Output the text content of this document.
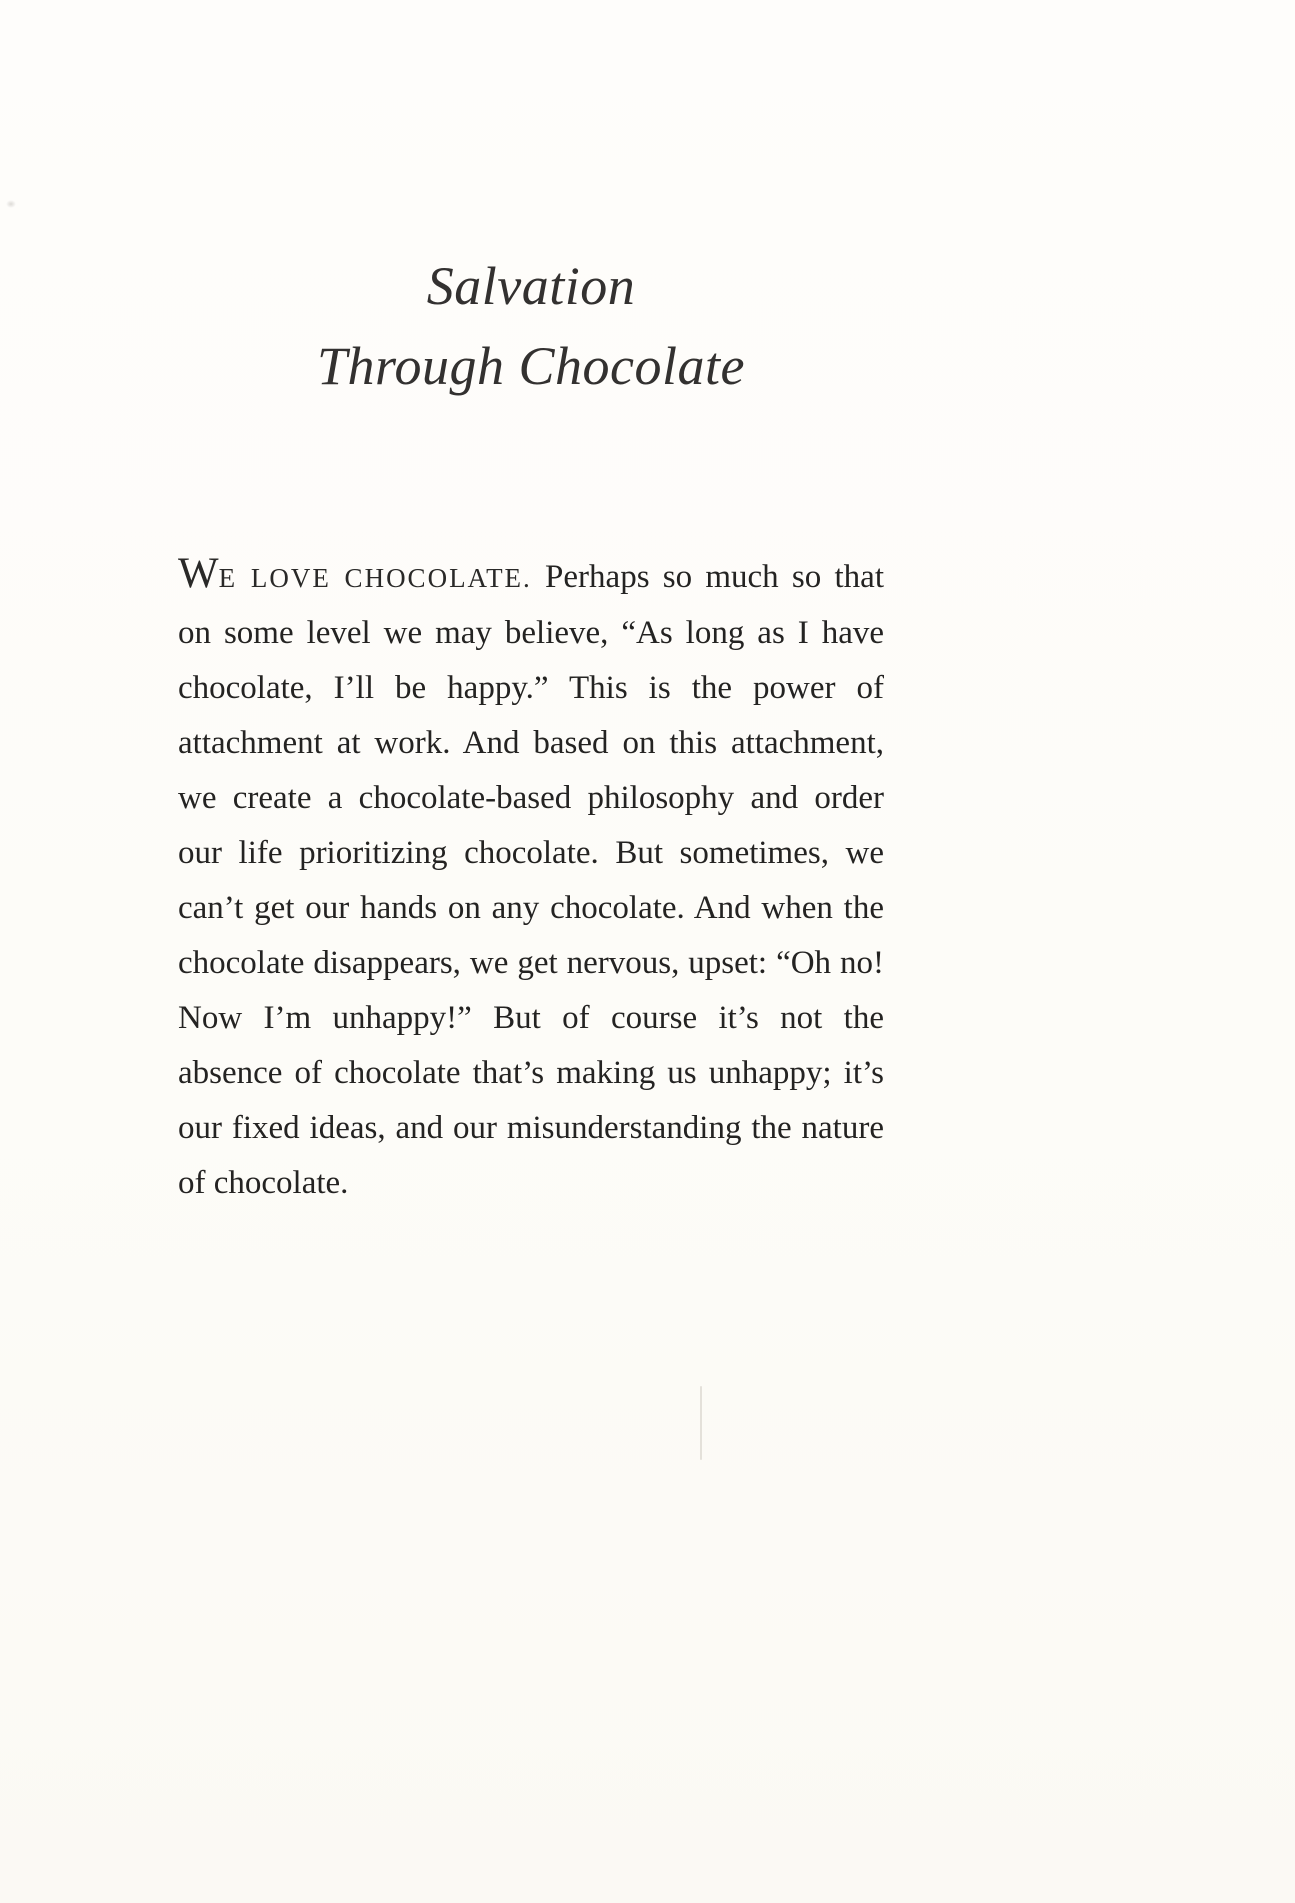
Salvation
Through Chocolate

WE LOVE CHOCOLATE. Perhaps so much so that on some level we may believe, “As long as I have chocolate, I’ll be happy.” This is the power of attachment at work. And based on this attachment, we create a chocolate-based philosophy and order our life prioritizing chocolate. But sometimes, we can’t get our hands on any chocolate. And when the chocolate disappears, we get nervous, upset: “Oh no! Now I’m unhappy!” But of course it’s not the absence of chocolate that’s making us unhappy; it’s our fixed ideas, and our misunderstanding the nature of chocolate.
